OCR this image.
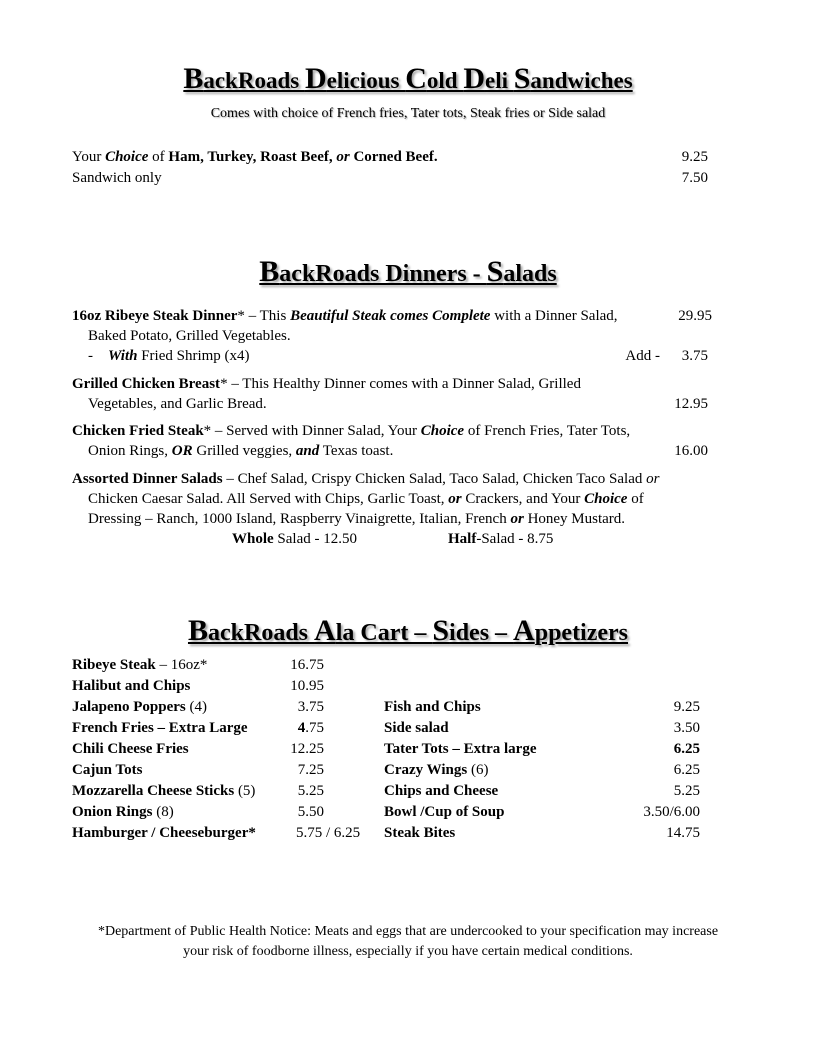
BackRoads Delicious Cold Deli Sandwiches
Comes with choice of French fries, Tater tots, Steak fries or Side salad
Your Choice of Ham, Turkey, Roast Beef, or Corned Beef.	9.25
Sandwich only	7.50
BackRoads Dinners - Salads
16oz Ribeye Steak Dinner* – This Beautiful Steak comes Complete with a Dinner Salad,	29.95
Baked Potato, Grilled Vegetables.
- With Fried Shrimp (x4)	Add - 3.75
Grilled Chicken Breast* – This Healthy Dinner comes with a Dinner Salad, Grilled
Vegetables, and Garlic Bread.	12.95
Chicken Fried Steak* – Served with Dinner Salad, Your Choice of French Fries, Tater Tots,
Onion Rings, OR Grilled veggies, and Texas toast.	16.00
Assorted Dinner Salads – Chef Salad, Crispy Chicken Salad, Taco Salad, Chicken Taco Salad or
Chicken Caesar Salad. All Served with Chips, Garlic Toast, or Crackers, and Your Choice of
Dressing – Ranch, 1000 Island, Raspberry Vinaigrette, Italian, French or Honey Mustard.
Whole Salad - 12.50	Half-Salad - 8.75
BackRoads Ala Cart – Sides – Appetizers
Ribeye Steak – 16oz*	16.75
Halibut and Chips	10.95
Jalapeno Poppers (4)	3.75
French Fries – Extra Large	4.75
Chili Cheese Fries	12.25
Cajun Tots	7.25
Mozzarella Cheese Sticks (5)	5.25
Onion Rings (8)	5.50
Hamburger / Cheeseburger*	5.75 / 6.25
Fish and Chips	9.25
Side salad	3.50
Tater Tots – Extra large	6.25
Crazy Wings (6)	6.25
Chips and Cheese	5.25
Bowl /Cup of Soup	3.50/6.00
Steak Bites	14.75
*Department of Public Health Notice: Meats and eggs that are undercooked to your specification may increase
your risk of foodborne illness, especially if you have certain medical conditions.
